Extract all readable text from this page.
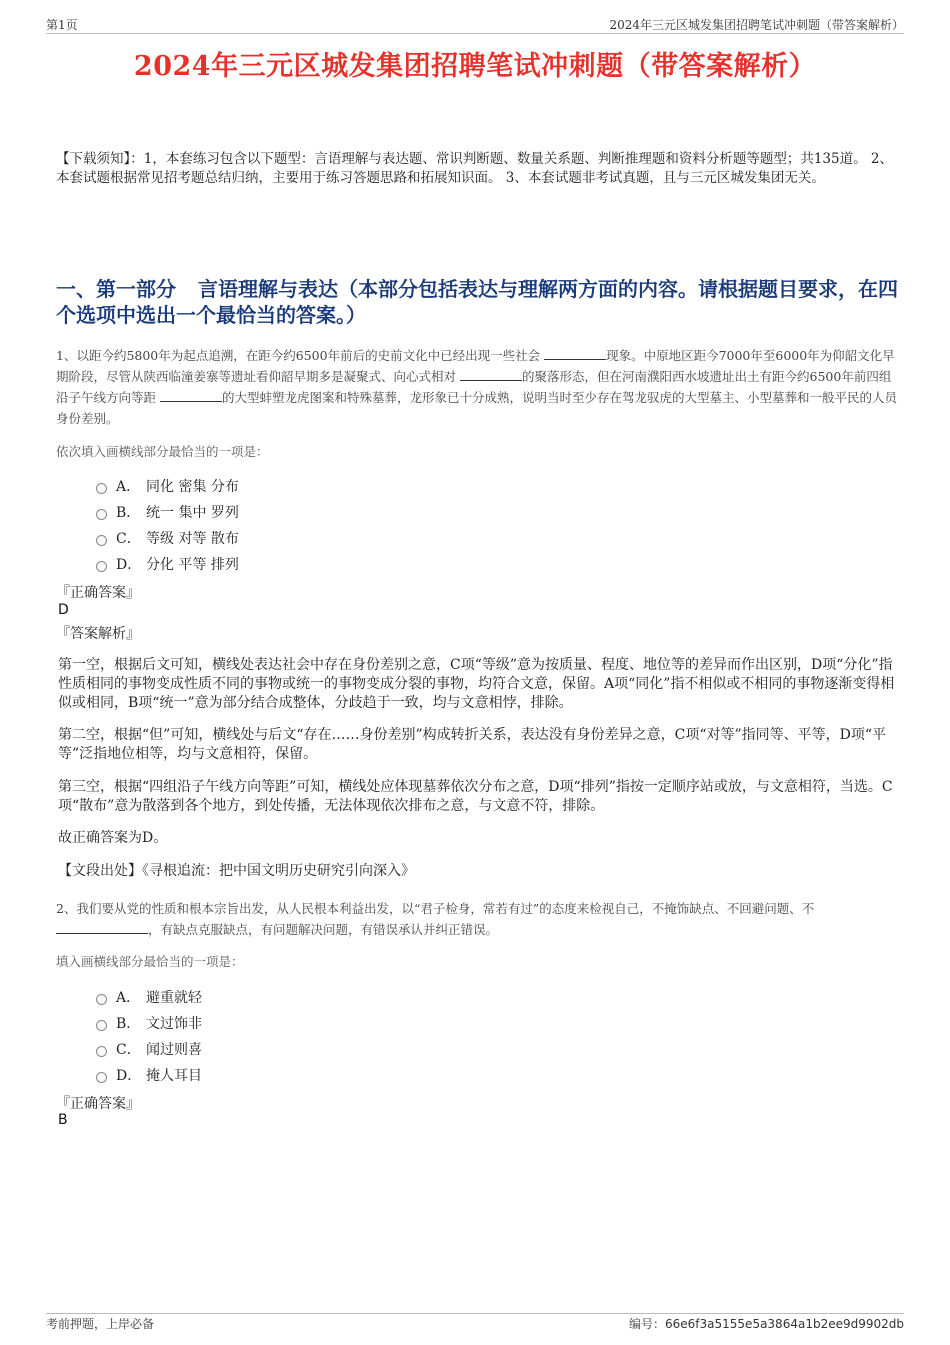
第1页	2024年三元区城发集团招聘笔试冲刺题（带答案解析）
2024年三元区城发集团招聘笔试冲刺题（带答案解析）

【下载须知】：1，本套练习包含以下题型：言语理解与表达题、常识判断题、数量关系题、判断推理题和资料分析题等题型；共135道。 2、本套试题根据常见招考题总结归纳，主要用于练习答题思路和拓展知识面。 3、本套试题非考试真题，且与三元区城发集团无关。

一、第一部分 言语理解与表达（本部分包括表达与理解两方面的内容。请根据题目要求，在四个选项中选出一个最恰当的答案。）

1、以距今约5800年为起点追溯，在距今约6500年前后的史前文化中已经出现一些社会	现象。中原地区距今7000年至6000年为仰韶文化早期阶段，尽管从陕西临潼姜寨等遗址看仰韶早期多是凝聚式、向心式相对	的聚落形态，但在河南濮阳西水坡遗址出土有距今约6500年前四组沿子午线方向等距	的大型蚌塑龙虎图案和特殊墓葬，龙形象已十分成熟，说明当时至少存在驾龙驭虎的大型墓主、小型墓葬和一般平民的人员身份差别。

依次填入画横线部分最恰当的一项是：
A． 同化 密集 分布
B． 统一 集中 罗列
C． 等级 对等 散布
D． 分化 平等 排列
『正确答案』
D
『答案解析』
第一空，根据后文可知，横线处表达社会中存在身份差别之意，C项“等级”意为按质量、程度、地位等的差异而作出区别，D项“分化”指性质相同的事物变成性质不同的事物或统一的事物变成分裂的事物，均符合文意，保留。A项“同化”指不相似或不相同的事物逐渐变得相似或相同，B项“统一”意为部分结合成整体，分歧趋于一致，均与文意相悖，排除。
第二空，根据“但”可知，横线处与后文“存在……身份差别”构成转折关系，表达没有身份差异之意，C项“对等”指同等、平等，D项“平等”泛指地位相等，均与文意相符，保留。
第三空，根据“四组沿子午线方向等距”可知，横线处应体现墓葬依次分布之意，D项“排列”指按一定顺序站或放，与文意相符，当选。C项“散布”意为散落到各个地方，到处传播，无法体现依次排布之意，与文意不符，排除。
故正确答案为D。
【文段出处】《寻根追流：把中国文明历史研究引向深入》

2、我们要从党的性质和根本宗旨出发，从人民根本利益出发，以“君子检身，常若有过”的态度来检视自己，不掩饰缺点、不回避问题、不 ，有缺点克服缺点，有问题解决问题，有错误承认并纠正错误。

填入画横线部分最恰当的一项是：
A． 避重就轻
B． 文过饰非
C． 闻过则喜
D． 掩人耳目
『正确答案』
B
考前押题，上岸必备	编号：66e6f3a5155e5a3864a1b2ee9d9902db
